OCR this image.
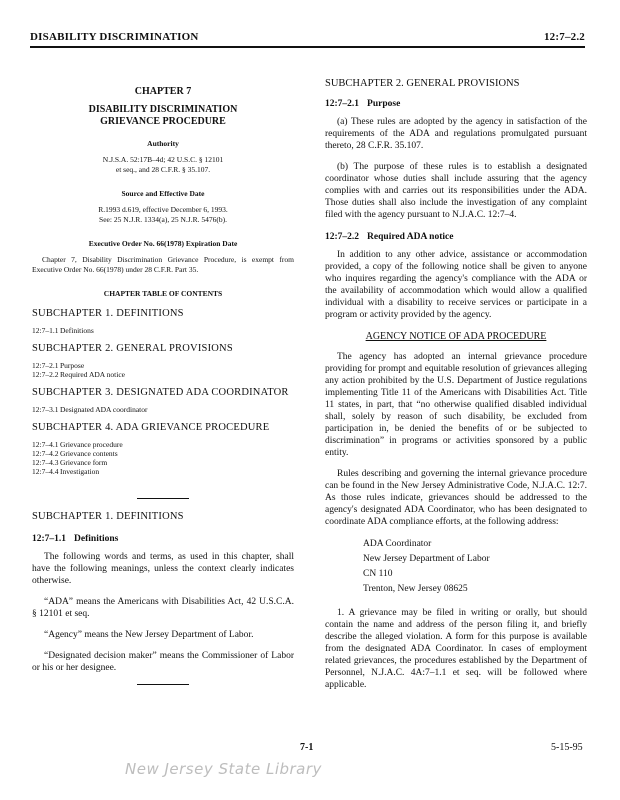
DISABILITY DISCRIMINATION	12:7–2.2
CHAPTER 7
DISABILITY DISCRIMINATION
GRIEVANCE PROCEDURE
Authority
N.J.S.A. 52:17B–4d; 42 U.S.C. § 12101
et seq., and 28 C.F.R. § 35.107.
Source and Effective Date
R.1993 d.619, effective December 6, 1993.
See: 25 N.J.R. 1334(a), 25 N.J.R. 5476(b).
Executive Order No. 66(1978) Expiration Date
Chapter 7, Disability Discrimination Grievance Procedure, is exempt from Executive Order No. 66(1978) under 28 C.F.R. Part 35.
CHAPTER TABLE OF CONTENTS
SUBCHAPTER 1. DEFINITIONS
12:7–1.1 Definitions
SUBCHAPTER 2. GENERAL PROVISIONS
12:7–2.1 Purpose
12:7–2.2 Required ADA notice
SUBCHAPTER 3. DESIGNATED ADA COORDINATOR
12:7–3.1 Designated ADA coordinator
SUBCHAPTER 4. ADA GRIEVANCE PROCEDURE
12:7–4.1 Grievance procedure
12:7–4.2 Grievance contents
12:7–4.3 Grievance form
12:7–4.4 Investigation
SUBCHAPTER 1. DEFINITIONS
12:7–1.1 Definitions

The following words and terms, as used in this chapter, shall have the following meanings, unless the context clearly indicates otherwise.

“ADA” means the Americans with Disabilities Act, 42 U.S.C.A. § 12101 et seq.

“Agency” means the New Jersey Department of Labor.

“Designated decision maker” means the Commissioner of Labor or his or her designee.

SUBCHAPTER 2. GENERAL PROVISIONS
12:7–2.1 Purpose

(a) These rules are adopted by the agency in satisfaction of the requirements of the ADA and regulations promulgated pursuant thereto, 28 C.F.R. 35.107.

(b) The purpose of these rules is to establish a designated coordinator whose duties shall include assuring that the agency complies with and carries out its responsibilities under the ADA. Those duties shall also include the investigation of any complaint filed with the agency pursuant to N.J.A.C. 12:7–4.

12:7–2.2 Required ADA notice

In addition to any other advice, assistance or accommodation provided, a copy of the following notice shall be given to anyone who inquires regarding the agency's compliance with the ADA or the availability of accommodation which would allow a qualified individual with a disability to receive services or participate in a program or activity provided by the agency.

AGENCY NOTICE OF ADA PROCEDURE

The agency has adopted an internal grievance procedure providing for prompt and equitable resolution of grievances alleging any action prohibited by the U.S. Department of Justice regulations implementing Title 11 of the Americans with Disabilities Act. Title 11 states, in part, that “no otherwise qualified disabled individual shall, solely by reason of such disability, be excluded from participation in, be denied the benefits of or be subjected to discrimination” in programs or activities sponsored by a public entity.

Rules describing and governing the internal grievance procedure can be found in the New Jersey Administrative Code, N.J.A.C. 12:7. As those rules indicate, grievances should be addressed to the agency's designated ADA Coordinator, who has been designated to coordinate ADA compliance efforts, at the following address:

ADA Coordinator
New Jersey Department of Labor
CN 110
Trenton, New Jersey 08625

1. A grievance may be filed in writing or orally, but should contain the name and address of the person filing it, and briefly describe the alleged violation. A form for this purpose is available from the designated ADA Coordinator. In cases of employment related grievances, the procedures established by the Department of Personnel, N.J.A.C. 4A:7–1.1 et seq. will be followed where applicable.

7-1	5-15-95
New Jersey State Library
